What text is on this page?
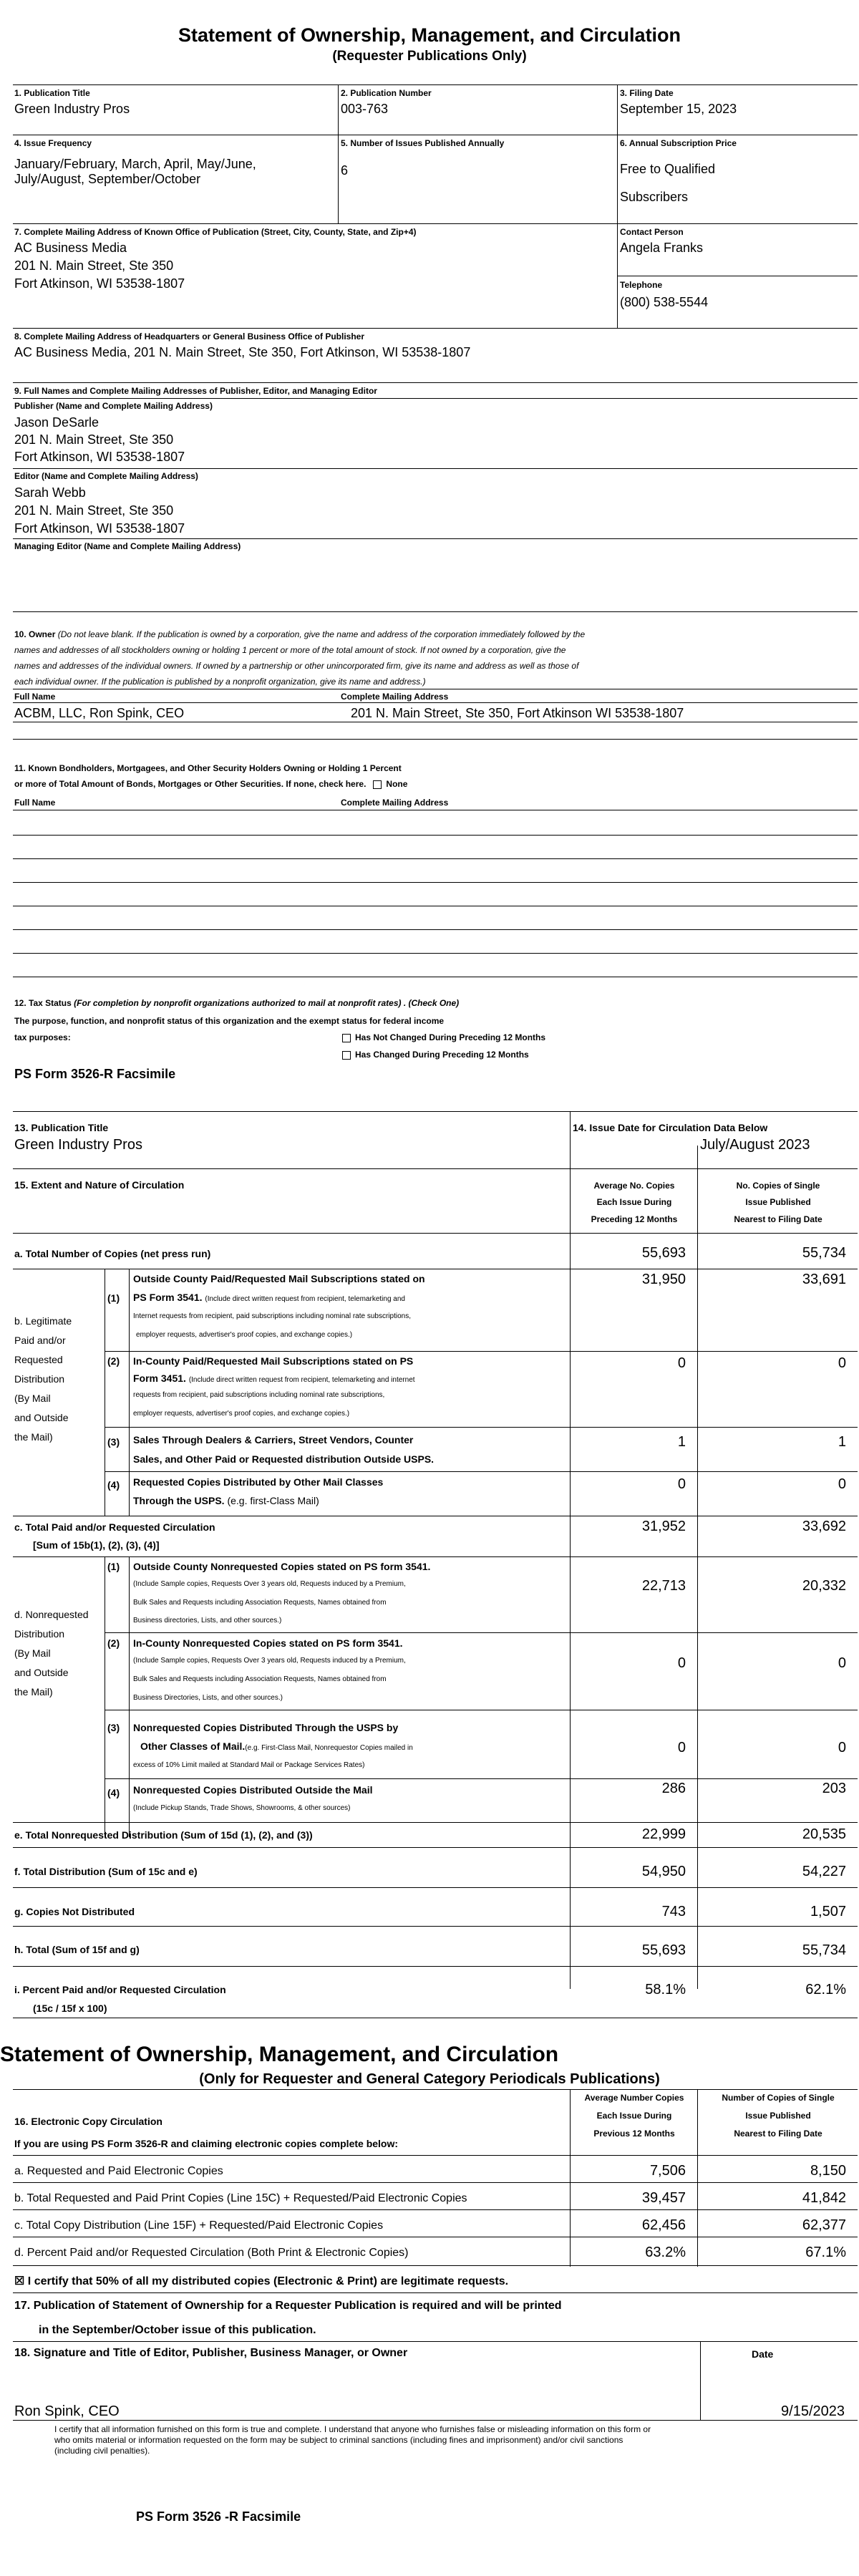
Statement of Ownership, Management, and Circulation
(Requester Publications Only)
1. Publication Title
Green Industry Pros
2. Publication Number
003-763
3. Filing Date
September 15, 2023
4. Issue Frequency
January/February, March, April, May/June,
July/August, September/October
5. Number of Issues Published Annually
6
6. Annual Subscription Price
Free to Qualified
Subscribers
7. Complete Mailing Address of Known Office of Publication (Street, City, County, State, and Zip+4)
AC Business Media
201 N. Main Street, Ste 350
Fort Atkinson, WI 53538-1807
Contact Person
Angela Franks
Telephone
(800) 538-5544
8. Complete Mailing Address of Headquarters or General Business Office of Publisher
AC Business Media, 201 N. Main Street, Ste 350, Fort Atkinson, WI 53538-1807
9. Full Names and Complete Mailing Addresses of Publisher, Editor, and Managing Editor
Publisher (Name and Complete Mailing Address)
Jason DeSarle
201 N. Main Street, Ste 350
Fort Atkinson, WI 53538-1807
Editor (Name and Complete Mailing Address)
Sarah Webb
201 N. Main Street, Ste 350
Fort Atkinson, WI 53538-1807
Managing Editor (Name and Complete Mailing Address)
10. Owner (Do not leave blank. If the publication is owned by a corporation, give the name and address of the corporation immediately followed by the
names and addresses of all stockholders owning or holding 1 percent or more of the total amount of stock. If not owned by a corporation, give the
names and addresses of the individual owners. If owned by a partnership or other unincorporated firm, give its name and address as well as those of
each individual owner. If the publication is published by a nonprofit organization, give its name and address.)
Full Name	Complete Mailing Address
ACBM, LLC, Ron Spink, CEO	201 N. Main Street, Ste 350, Fort Atkinson WI 53538-1807
11. Known Bondholders, Mortgagees, and Other Security Holders Owning or Holding 1 Percent
or more of Total Amount of Bonds, Mortgages or Other Securities. If none, check here. None
Full Name	Complete Mailing Address
12. Tax Status (For completion by nonprofit organizations authorized to mail at nonprofit rates) . (Check One)
The purpose, function, and nonprofit status of this organization and the exempt status for federal income
tax purposes:	Has Not Changed During Preceding 12 Months
Has Changed During Preceding 12 Months
PS Form 3526-R Facsimile
13. Publication Title
Green Industry Pros
14. Issue Date for Circulation Data Below
July/August 2023
15. Extent and Nature of Circulation	Average No. Copies
Each Issue During
Preceding 12 Months
No. Copies of Single
Issue Published
Nearest to Filing Date
a. Total Number of Copies (net press run)	55,693	55,734
b. Legitimate
Paid and/or
Requested
Distribution
(By Mail
and Outside
the Mail)
(1)
Outside County Paid/Requested Mail Subscriptions stated on
PS Form 3541. (Include direct written request from recipient, telemarketing and
Internet requests from recipient, paid subscriptions including nominal rate subscriptions,
employer requests, advertiser's proof copies, and exchange copies.)
31,950	33,691
(2) In-County Paid/Requested Mail Subscriptions stated on PS
Form 3451. (Include direct written request from recipient, telemarketing and internet
requests from recipient, paid subscriptions including nominal rate subscriptions,
employer requests, advertiser's proof copies, and exchange copies.)
0	0
(3) Sales Through Dealers & Carriers, Street Vendors, Counter
Sales, and Other Paid or Requested distribution Outside USPS.
1	1
(4) Requested Copies Distributed by Other Mail Classes
Through the USPS. (e.g. first-Class Mail)
0	0
c. Total Paid and/or Requested Circulation
[Sum of 15b(1), (2), (3), (4)]
31,952	33,692
d. Nonrequested
Distribution
(By Mail
and Outside
the Mail)
(1) Outside County Nonrequested Copies stated on PS form 3541.
(Include Sample copies, Requests Over 3 years old, Requests induced by a Premium,
Bulk Sales and Requests including Association Requests, Names obtained from
Business directories, Lists, and other sources.)
22,713	20,332
(2) In-County Nonrequested Copies stated on PS form 3541.
(Include Sample copies, Requests Over 3 years old, Requests induced by a Premium,
Bulk Sales and Requests including Association Requests, Names obtained from
Business Directories, Lists, and other sources.)
0	0
(3) Nonrequested Copies Distributed Through the USPS by
Other Classes of Mail.(e.g. First-Class Mail, Nonrequestor Copies mailed in
excess of 10% Limit mailed at Standard Mail or Package Services Rates)
0	0
(4) Nonrequested Copies Distributed Outside the Mail
(Include Pickup Stands, Trade Shows, Showrooms, & other sources)
286	203
e. Total Nonrequested Distribution (Sum of 15d (1), (2), and (3))	22,999	20,535
f. Total Distribution (Sum of 15c and e)	54,950	54,227
g. Copies Not Distributed	743	1,507
h. Total (Sum of 15f and g)	55,693	55,734
i. Percent Paid and/or Requested Circulation
(15c / 15f x 100)
58.1%	62.1%
Statement of Ownership, Management, and Circulation
(Only for Requester and General Category Periodicals Publications)
Average Number Copies
Each Issue During
Previous 12 Months
Number of Copies of Single
Issue Published
Nearest to Filing Date
16. Electronic Copy Circulation
If you are using PS Form 3526-R and claiming electronic copies complete below:
a. Requested and Paid Electronic Copies	7,506	8,150
b. Total Requested and Paid Print Copies (Line 15C) + Requested/Paid Electronic Copies	39,457	41,842
c. Total Copy Distribution (Line 15F) + Requested/Paid Electronic Copies	62,456	62,377
d. Percent Paid and/or Requested Circulation (Both Print & Electronic Copies)	63.2%	67.1%
☒ I certify that 50% of all my distributed copies (Electronic & Print) are legitimate requests.
17. Publication of Statement of Ownership for a Requester Publication is required and will be printed
in the September/October issue of this publication.
18. Signature and Title of Editor, Publisher, Business Manager, or Owner	Date
Ron Spink, CEO	9/15/2023
I certify that all information furnished on this form is true and complete. I understand that anyone who furnishes false or misleading information on this form or
who omits material or information requested on the form may be subject to criminal sanctions (including fines and imprisonment) and/or civil sanctions
(including civil penalties).
PS Form 3526 -R Facsimile
